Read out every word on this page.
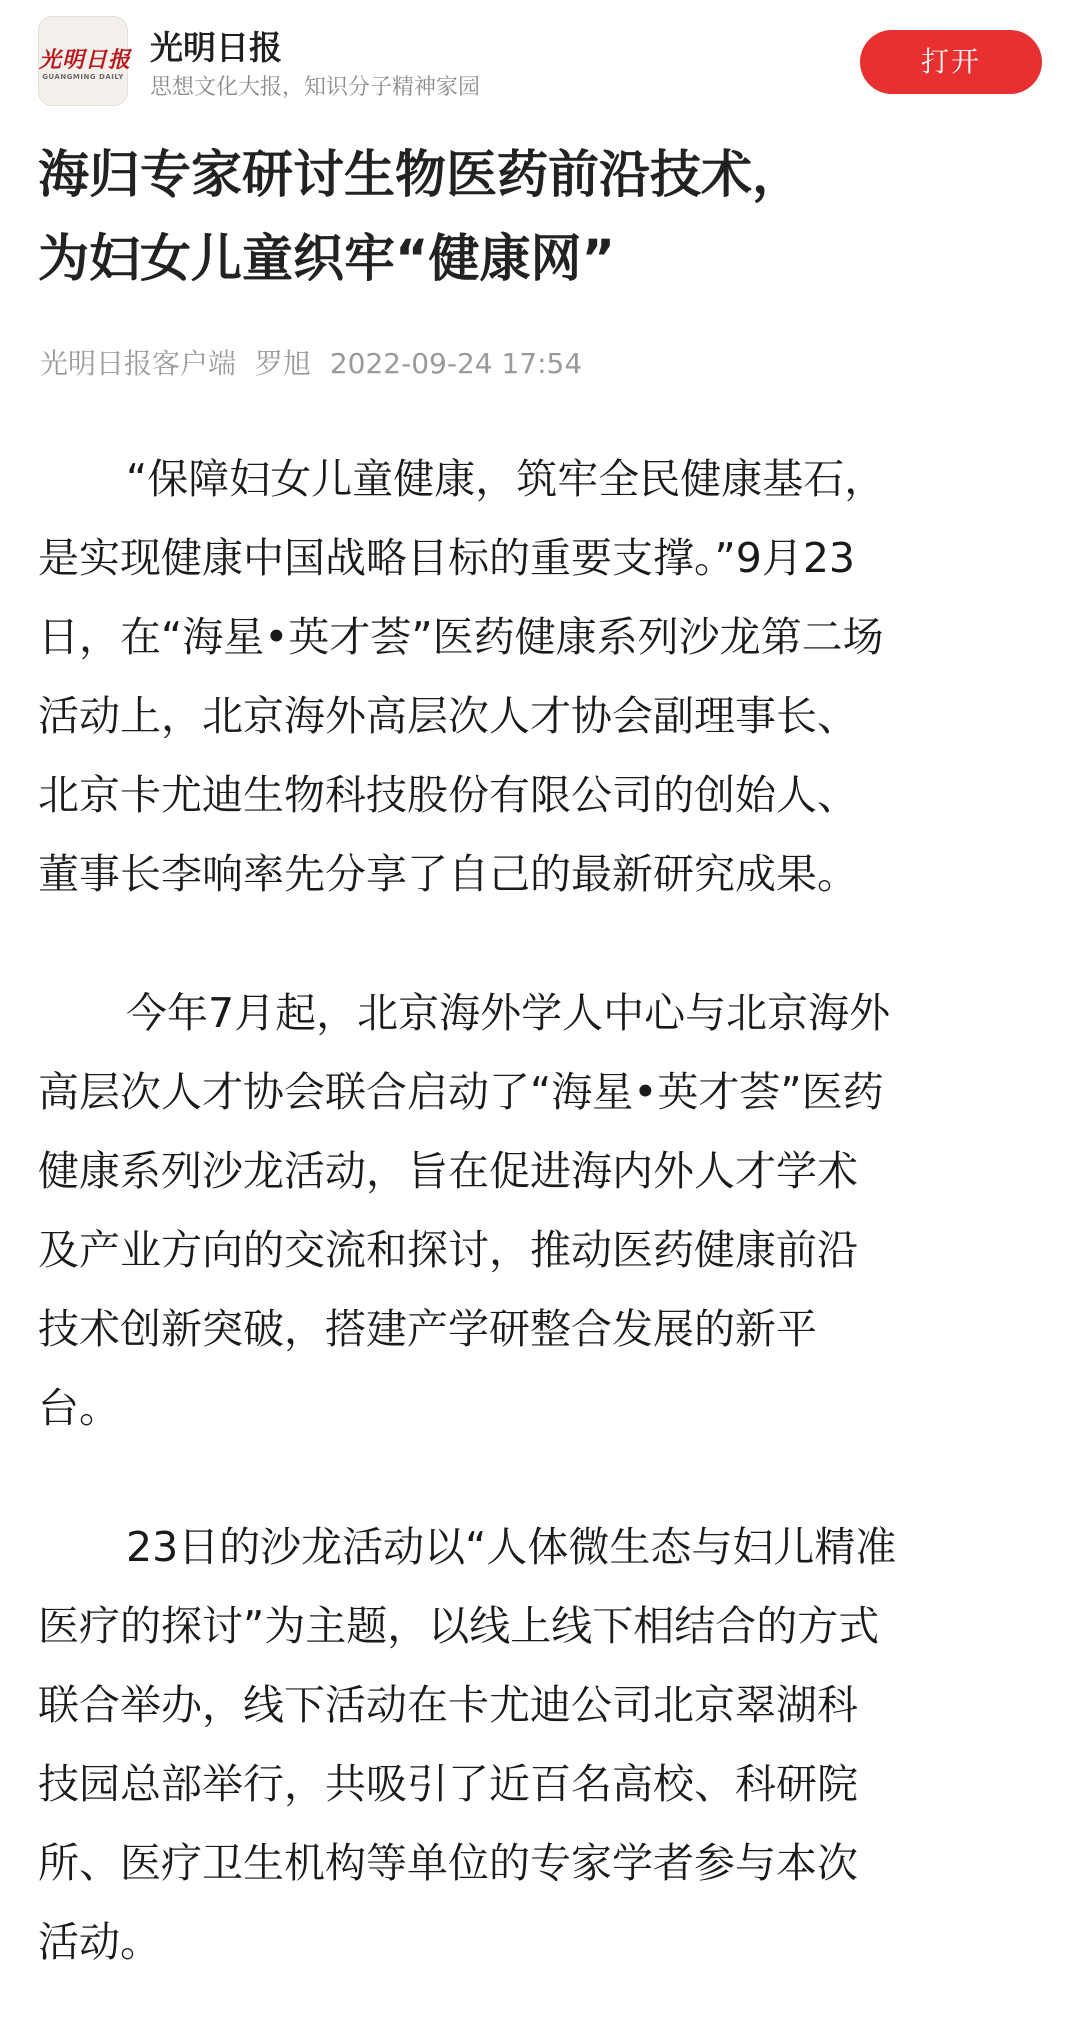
光明日报
GUANGMING DAILY
光明日报
思想文化大报，知识分子精神家园
打开
海归专家研讨生物医药前沿技术，
为妇女儿童织牢“健康网”
光明日报客户端 罗旭 2022-09-24 17:54
“保障妇女儿童健康，筑牢全民健康基石，
是实现健康中国战略目标的重要支撑。”9月23
日，在“海星•英才荟”医药健康系列沙龙第二场
活动上，北京海外高层次人才协会副理事长、
北京卡尤迪生物科技股份有限公司的创始人、
董事长李响率先分享了自己的最新研究成果。
今年7月起，北京海外学人中心与北京海外
高层次人才协会联合启动了“海星•英才荟”医药
健康系列沙龙活动，旨在促进海内外人才学术
及产业方向的交流和探讨，推动医药健康前沿
技术创新突破，搭建产学研整合发展的新平
台。
23日的沙龙活动以“人体微生态与妇儿精准
医疗的探讨”为主题，以线上线下相结合的方式
联合举办，线下活动在卡尤迪公司北京翠湖科
技园总部举行，共吸引了近百名高校、科研院
所、医疗卫生机构等单位的专家学者参与本次
活动。
